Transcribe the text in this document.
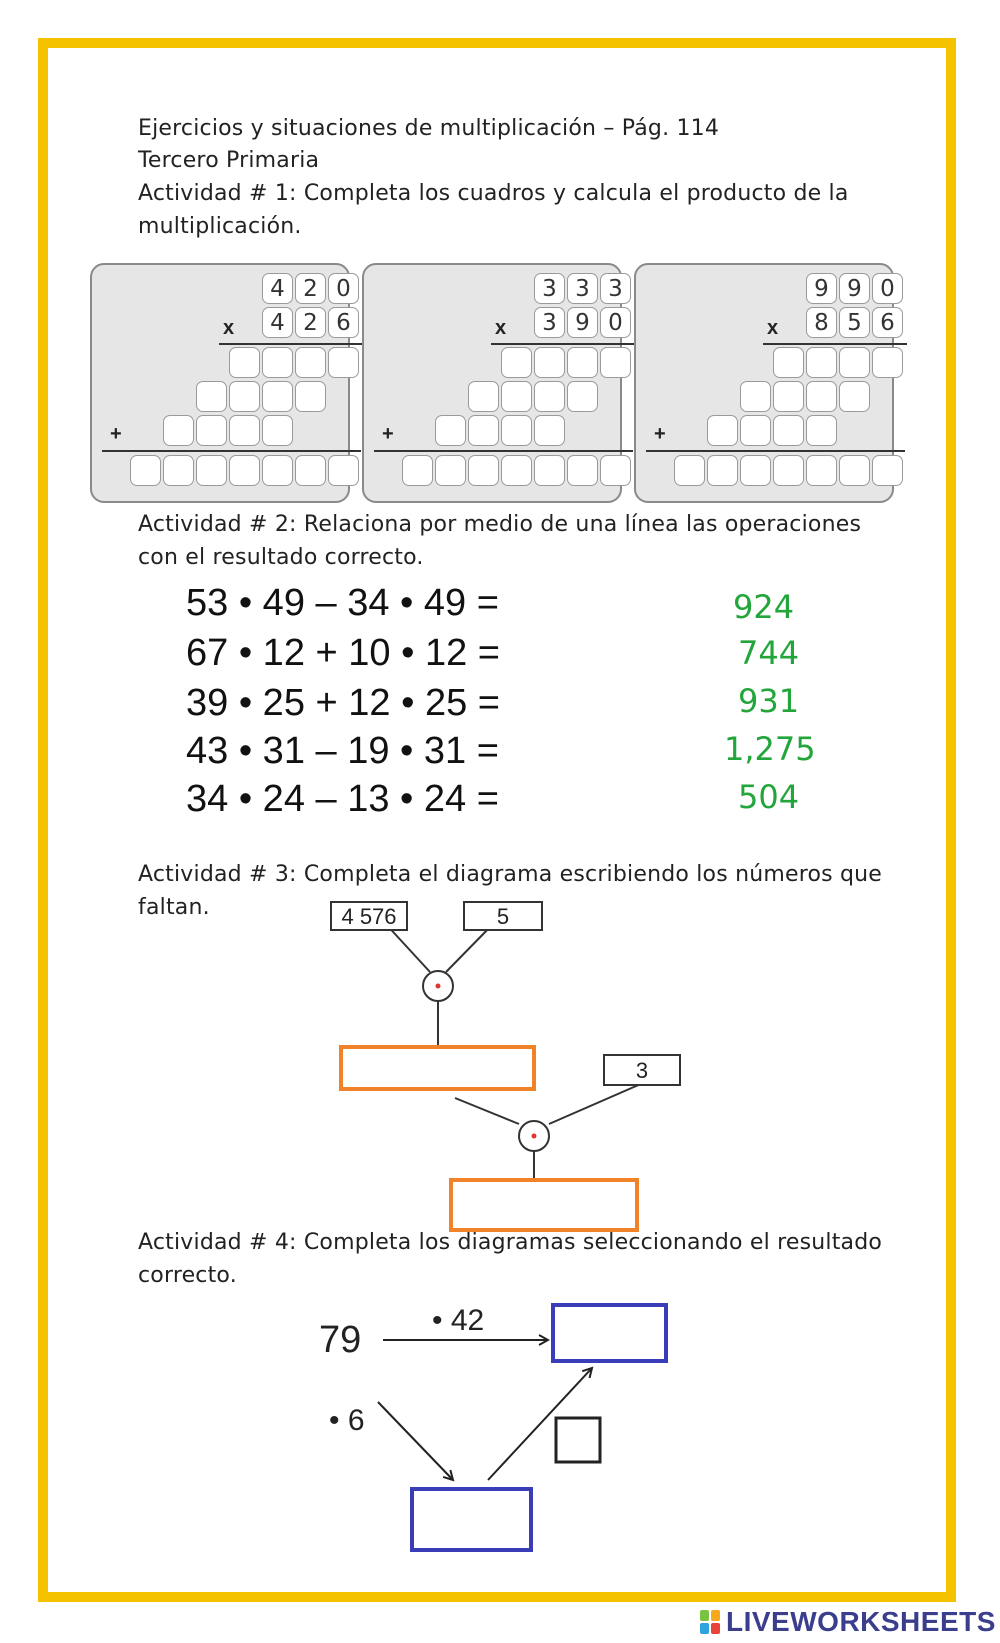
Ejercicios y situaciones de multiplicación – Pág. 114
Tercero Primaria
Actividad # 1: Completa los cuadros y calcula el producto de la
multiplicación.
4 2 0
4 2 6
x
+
3 3 3
3 9 0
x
+
9 9 0
8 5 6
x
+
Actividad # 2: Relaciona por medio de una línea las operaciones
con el resultado correcto.
53 • 49 – 34 • 49 =
67 • 12 + 10 • 12 =
39 • 25 + 12 • 25 =
43 • 31 – 19 • 31 =
34 • 24 – 13 • 24 =
924
744
931
1,275
504
Actividad # 3: Completa el diagrama escribiendo los números que
faltan.	4 576	5
3
Actividad # 4: Completa los diagramas seleccionando el resultado
correcto.
79 • 42
• 6
LIVEWORKSHEETS
